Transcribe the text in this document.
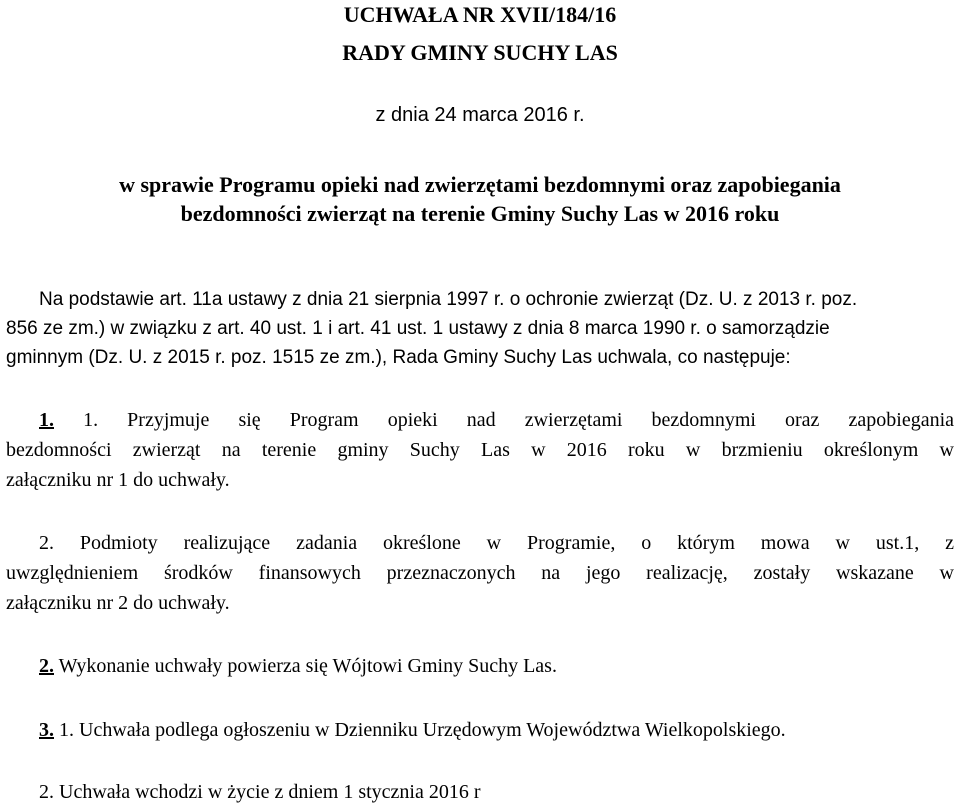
UCHWAŁA NR XVII/184/16
RADY GMINY SUCHY LAS
z dnia 24 marca 2016 r.
w sprawie Programu opieki nad zwierzętami bezdomnymi oraz zapobiegania
bezdomności zwierząt na terenie Gminy Suchy Las w 2016 roku
Na podstawie art. 11a ustawy z dnia 21 sierpnia 1997 r. o ochronie zwierząt (Dz. U. z 2013 r. poz.
856 ze zm.) w związku z art. 40 ust. 1 i art. 41 ust. 1 ustawy z dnia 8 marca 1990 r. o samorządzie
gminnym (Dz. U. z 2015 r. poz. 1515 ze zm.), Rada Gminy Suchy Las uchwala, co następuje:
1. 1. Przyjmuje się Program opieki nad zwierzętami bezdomnymi oraz zapobiegania
bezdomności zwierząt na terenie gminy Suchy Las w 2016 roku w brzmieniu określonym w
załączniku nr 1 do uchwały.
2. Podmioty realizujące zadania określone w Programie, o którym mowa w ust.1, z
uwzględnieniem środków finansowych przeznaczonych na jego realizację, zostały wskazane w
załączniku nr 2 do uchwały.
2. Wykonanie uchwały powierza się Wójtowi Gminy Suchy Las.
3. 1. Uchwała podlega ogłoszeniu w Dzienniku Urzędowym Województwa Wielkopolskiego.
2. Uchwała wchodzi w życie z dniem 1 stycznia 2016 r
